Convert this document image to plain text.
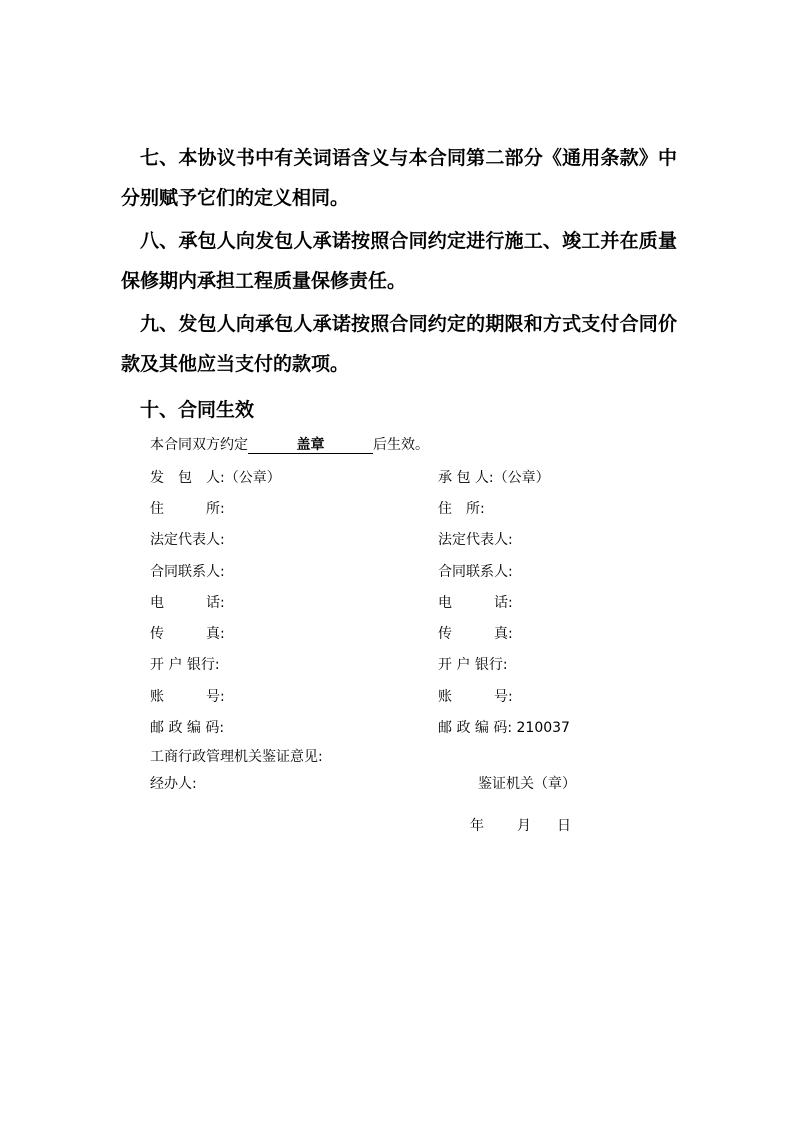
七、本协议书中有关词语含义与本合同第二部分《通用条款》中分别赋予它们的定义相同。

八、承包人向发包人承诺按照合同约定进行施工、竣工并在质量保修期内承担工程质量保修责任。

九、发包人向承包人承诺按照合同约定的期限和方式支付合同价款及其他应当支付的款项。

十、合同生效

本合同双方约定	盖章	后生效。
发　包　人:（公章）	承 包 人:（公章）
住　　　所:	住　所:
法定代表人:	法定代表人:
合同联系人:	合同联系人:
电　　　话:	电　　　话:
传　　　真:	传　　　真:
开 户 银行:	开 户 银行:
账　　　号:	账　　　号:
邮 政 编 码:	邮 政 编 码: 210037
工商行政管理机关鉴证意见:
经办人:	鉴证机关（章）
年 月 日
